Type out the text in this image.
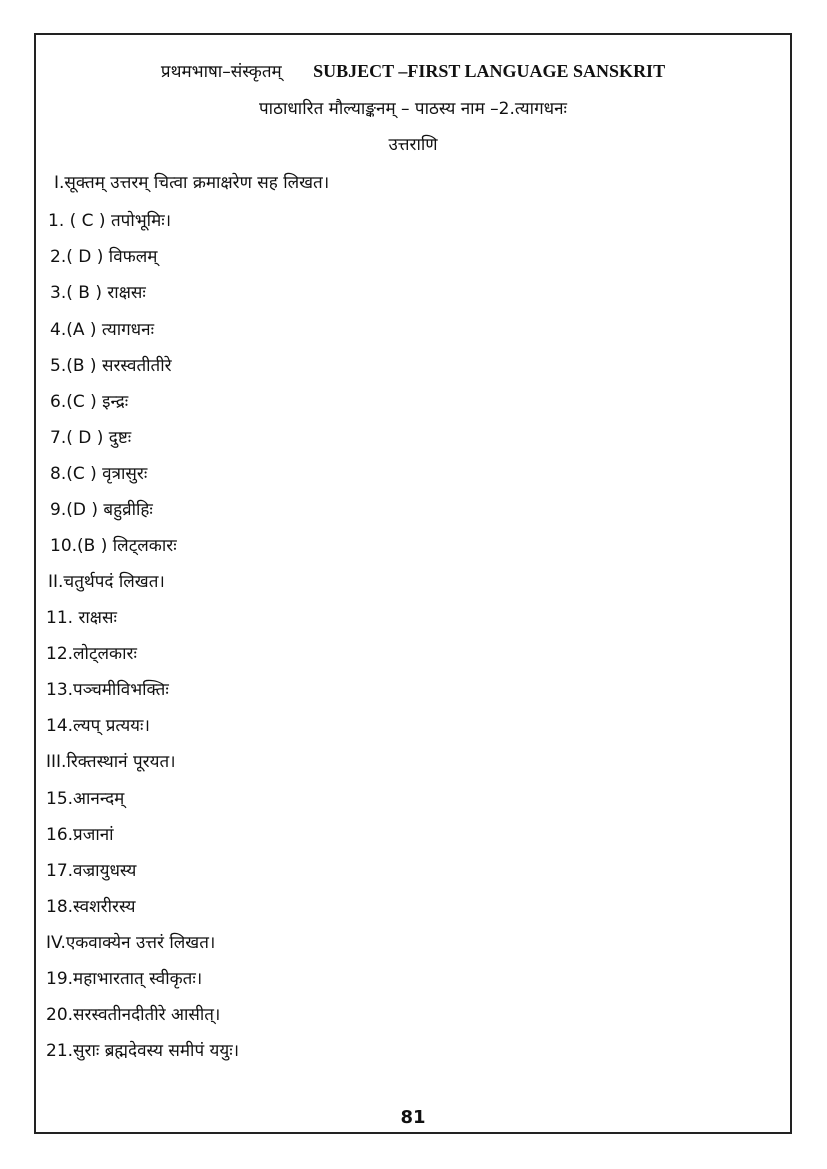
प्रथमभाषा–संस्कृतम् SUBJECT –FIRST LANGUAGE SANSKRIT
पाठाधारित मौल्याङ्कनम् – पाठस्य नाम –2.त्यागधनः
उत्तराणि
I.सूक्तम् उत्तरम् चित्वा क्रमाक्षरेण सह लिखत।
1. ( C ) तपोभूमिः।
2.( D ) विफलम्
3.( B ) राक्षसः
4.(A ) त्यागधनः
5.(B ) सरस्वतीतीरे
6.(C ) इन्द्रः
7.( D ) दुष्टः
8.(C ) वृत्रासुरः
9.(D ) बहुव्रीहिः
10.(B ) लिट्लकारः
II.चतुर्थपदं लिखत।
11. राक्षसः
12.लोट्लकारः
13.पञ्चमीविभक्तिः
14.ल्यप् प्रत्ययः।
III.रिक्तस्थानं पूरयत।
15.आनन्दम्
16.प्रजानां
17.वज्रायुधस्य
18.स्वशरीरस्य
IV.एकवाक्येन उत्तरं लिखत।
19.महाभारतात् स्वीकृतः।
20.सरस्वतीनदीतीरे आसीत्।
21.सुराः ब्रह्मदेवस्य समीपं ययुः।
81
